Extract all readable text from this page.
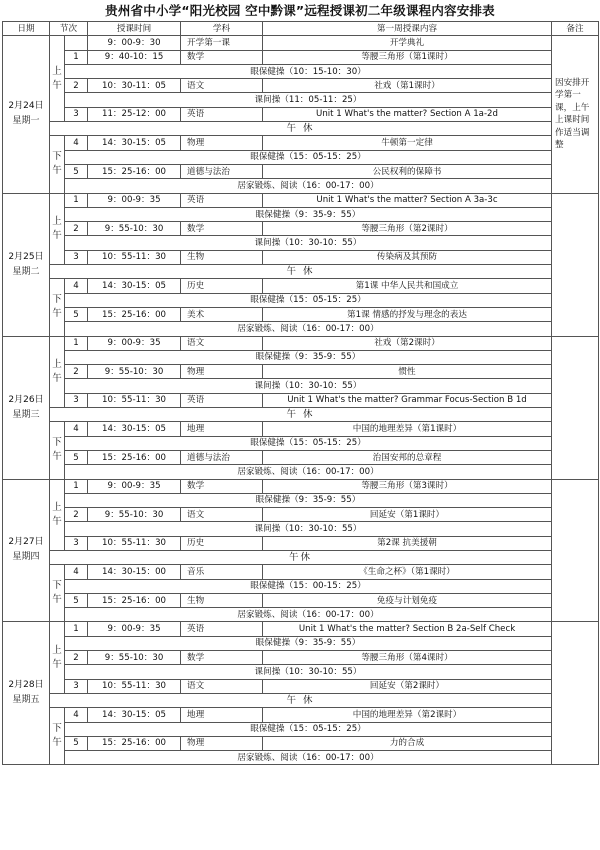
贵州省中小学“阳光校园 空中黔课”远程授课初二年级课程内容安排表
日期	节次		授课时间	学科	第一周授课内容	备注
2月24日星期一	上午		9：00-9：30	开学第一课	开学典礼	因安排开学第一课，上午上课时间作适当调整
		1	9：40-10：15	数学	等腰三角形（第1课时）	
		眼保健操（10：15-10：30）				
		2	10：30-11：05	语文	社戏（第1课时）	
		课间操（11：05-11：25）				
		3	11：25-12：00	英语	Unit 1 What's the matter? Section A 1a-2d	
	午 休					
	下午	4	14：30-15：05	物理	牛顿第一定律	
		眼保健操（15：05-15：25）				
		5	15：25-16：00	道德与法治	公民权利的保障书	
		居家锻炼、阅读（16：00-17：00）				
2月25日星期二	上午	1	9：00-9：35	英语	Unit 1 What's the matter? Section A 3a-3c	
		眼保健操（9：35-9：55）				
		2	9：55-10：30	数学	等腰三角形（第2课时）	
		课间操（10：30-10：55）				
		3	10：55-11：30	生物	传染病及其预防	
	午 休					
	下午	4	14：30-15：05	历史	第1课 中华人民共和国成立	
		眼保健操（15：05-15：25）				
		5	15：25-16：00	美术	第1课 情感的抒发与理念的表达	
		居家锻炼、阅读（16：00-17：00）				
2月26日星期三	上午	1	9：00-9：35	语文	社戏（第2课时）	
		眼保健操（9：35-9：55）				
		2	9：55-10：30	物理	惯性	
		课间操（10：30-10：55）				
		3	10：55-11：30	英语	Unit 1 What's the matter? Grammar Focus-Section B 1d	
	午 休					
	下午	4	14：30-15：05	地理	中国的地理差异（第1课时）	
		眼保健操（15：05-15：25）				
		5	15：25-16：00	道德与法治	治国安邦的总章程	
		居家锻炼、阅读（16：00-17：00）				
2月27日星期四	上午	1	9：00-9：35	数学	等腰三角形（第3课时）	
		眼保健操（9：35-9：55）				
		2	9：55-10：30	语文	回延安（第1课时）	
		课间操（10：30-10：55）				
		3	10：55-11：30	历史	第2课 抗美援朝	
	午休					
	下午	4	14：30-15：00	音乐	《生命之杯》（第1课时）	
		眼保健操（15：00-15：25）				
		5	15：25-16：00	生物	免疫与计划免疫	
		居家锻炼、阅读（16：00-17：00）				
2月28日星期五	上午	1	9：00-9：35	英语	Unit 1 What's the matter? Section B 2a-Self Check	
		眼保健操（9：35-9：55）				
		2	9：55-10：30	数学	等腰三角形（第4课时）	
		课间操（10：30-10：55）				
		3	10：55-11：30	语文	回延安（第2课时）	
	午 休					
	下午	4	14：30-15：05	地理	中国的地理差异（第2课时）	
		眼保健操（15：05-15：25）				
		5	15：25-16：00	物理	力的合成	
		居家锻炼、阅读（16：00-17：00）				
